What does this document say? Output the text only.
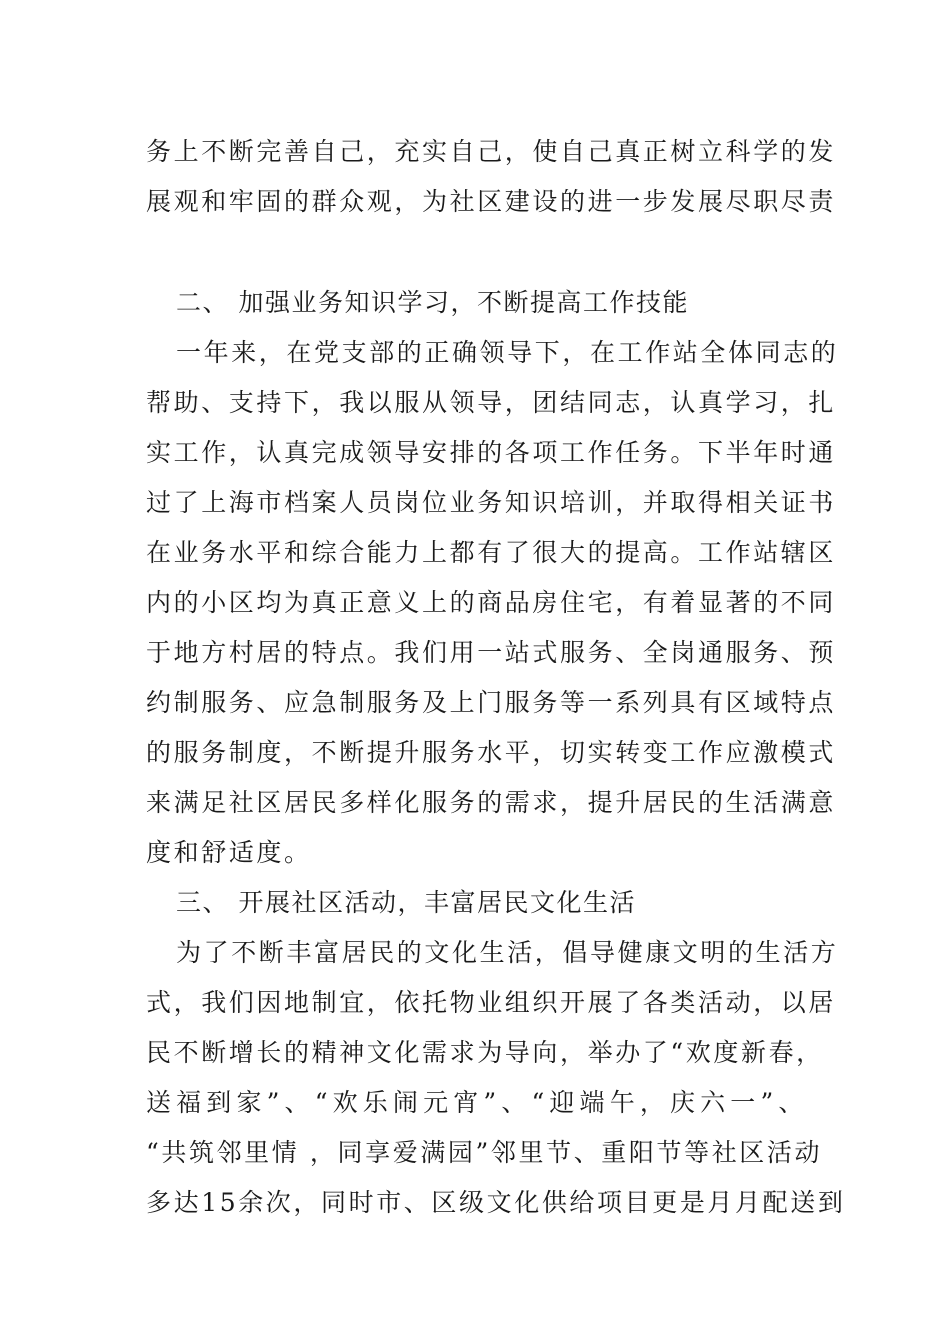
务上不断完善自己，充实自己，使自己真正树立科学的发
展观和牢固的群众观，为社区建设的进一步发展尽职尽责
二、 加强业务知识学习，不断提高工作技能
一年来，在党支部的正确领导下，在工作站全体同志的
帮助、支持下，我以服从领导，团结同志，认真学习，扎
实工作，认真完成领导安排的各项工作任务。下半年时通
过了上海市档案人员岗位业务知识培训，并取得相关证书
在业务水平和综合能力上都有了很大的提高。工作站辖区
内的小区均为真正意义上的商品房住宅，有着显著的不同
于地方村居的特点。我们用一站式服务、全岗通服务、预
约制服务、应急制服务及上门服务等一系列具有区域特点
的服务制度，不断提升服务水平，切实转变工作应激模式
来满足社区居民多样化服务的需求，提升居民的生活满意
度和舒适度。
三、 开展社区活动，丰富居民文化生活
为了不断丰富居民的文化生活，倡导健康文明的生活方
式，我们因地制宜，依托物业组织开展了各类活动，以居
民不断增长的精神文化需求为导向，举办了“欢度新春，
送福到家”、“欢乐闹元宵”、“迎端午，庆六一”、
“共筑邻里情 ，同享爱满园”邻里节、重阳节等社区活动
多达15余次，同时市、区级文化供给项目更是月月配送到
